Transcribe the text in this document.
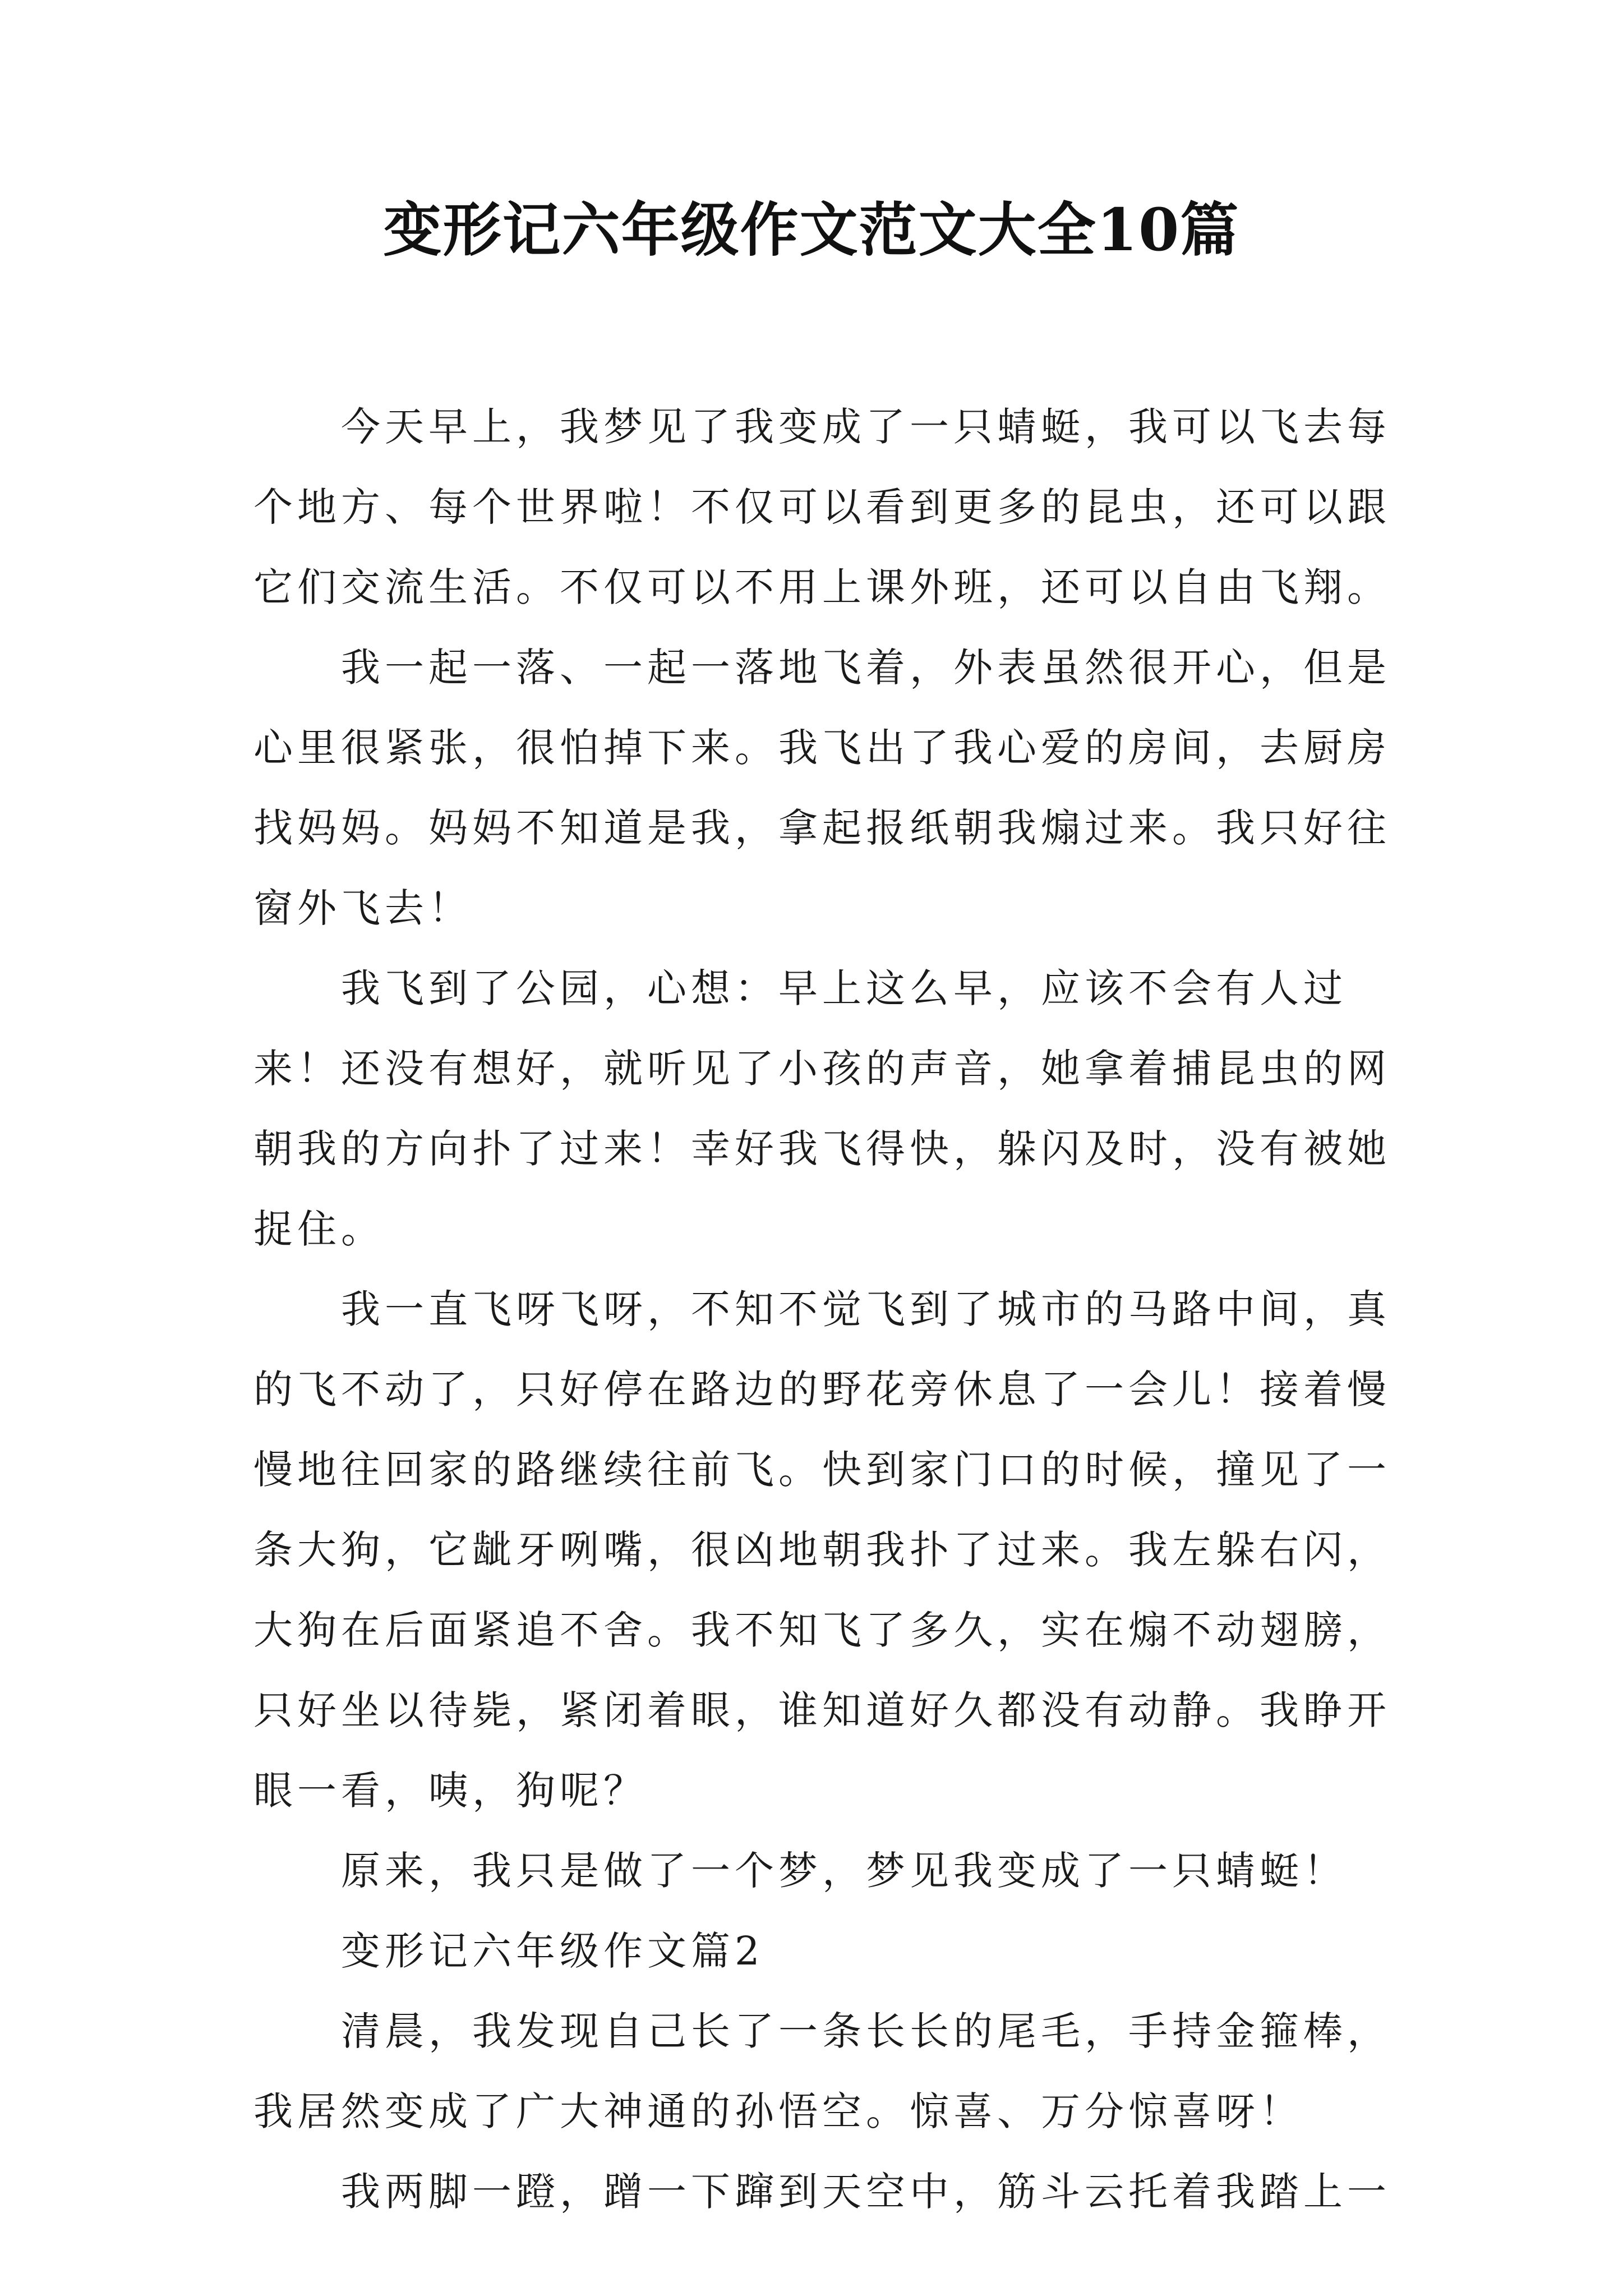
变形记六年级作文范文大全10篇

今天早上，我梦见了我变成了一只蜻蜓，我可以飞去每个地方、每个世界啦！不仅可以看到更多的昆虫，还可以跟它们交流生活。不仅可以不用上课外班，还可以自由飞翔。

我一起一落、一起一落地飞着，外表虽然很开心，但是心里很紧张，很怕掉下来。我飞出了我心爱的房间，去厨房找妈妈。妈妈不知道是我，拿起报纸朝我煽过来。我只好往窗外飞去！

我飞到了公园，心想：早上这么早，应该不会有人过来！还没有想好，就听见了小孩的声音，她拿着捕昆虫的网朝我的方向扑了过来！幸好我飞得快，躲闪及时，没有被她捉住。

我一直飞呀飞呀，不知不觉飞到了城市的马路中间，真的飞不动了，只好停在路边的野花旁休息了一会儿！接着慢慢地往回家的路继续往前飞。快到家门口的时候，撞见了一条大狗，它龇牙咧嘴，很凶地朝我扑了过来。我左躲右闪，大狗在后面紧追不舍。我不知飞了多久，实在煽不动翅膀，只好坐以待毙，紧闭着眼，谁知道好久都没有动静。我睁开眼一看，咦，狗呢？

原来，我只是做了一个梦，梦见我变成了一只蜻蜓！

变形记六年级作文篇2

清晨，我发现自己长了一条长长的尾毛，手持金箍棒，我居然变成了广大神通的孙悟空。惊喜、万分惊喜呀！

我两脚一蹬，蹭一下蹿到天空中，筋斗云托着我踏上一
